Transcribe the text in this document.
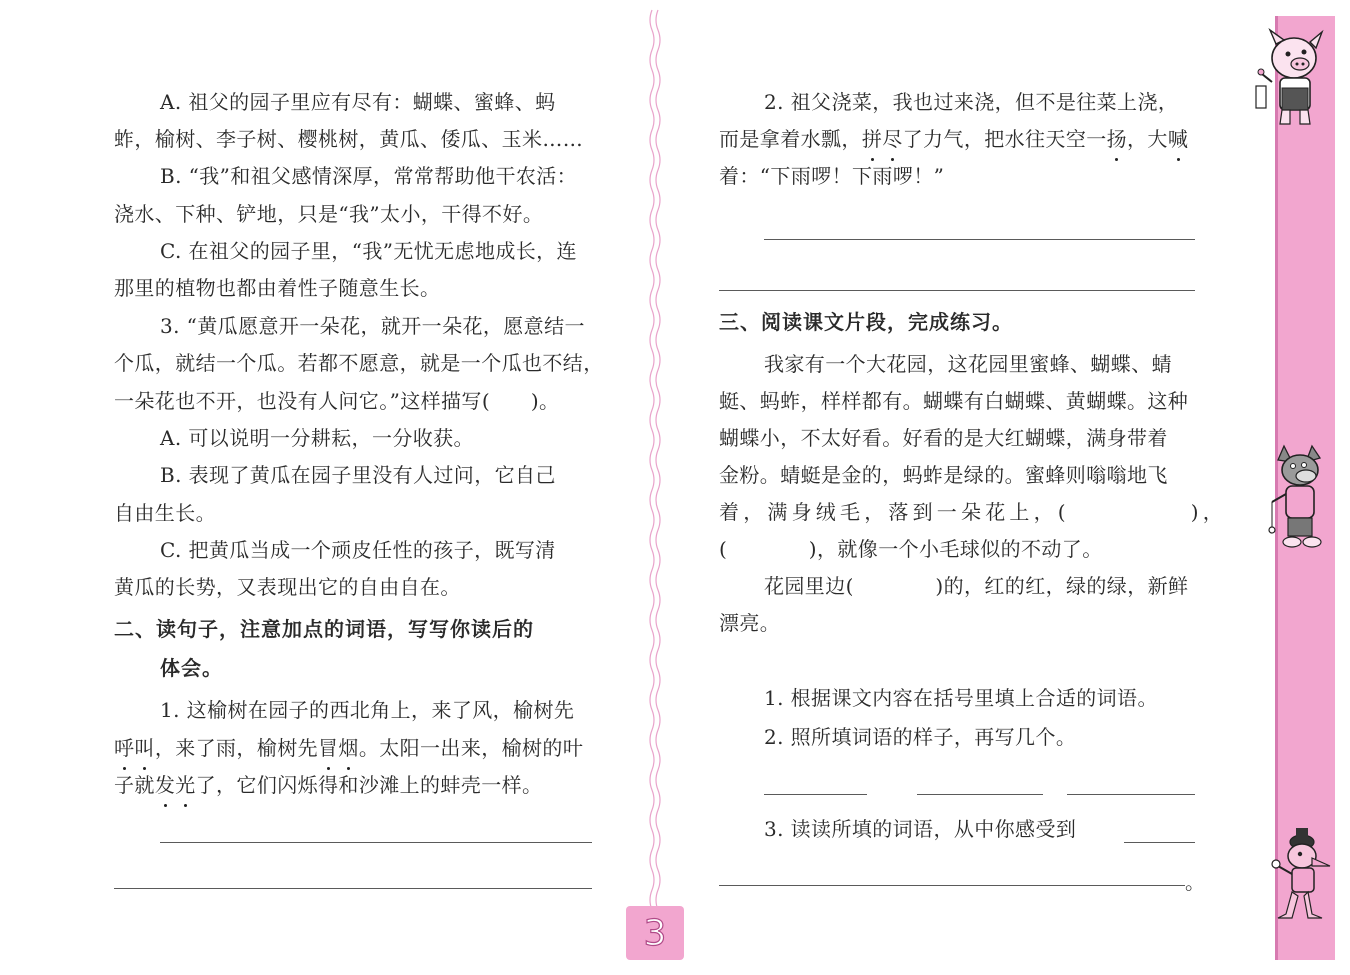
A. 祖父的园子里应有尽有：蝴蝶、蜜蜂、蚂
蚱，榆树、李子树、樱桃树，黄瓜、倭瓜、玉米……
B. “我”和祖父感情深厚，常常帮助他干农活：
浇水、下种、铲地，只是“我”太小，干得不好。
C. 在祖父的园子里，“我”无忧无虑地成长，连
那里的植物也都由着性子随意生长。
3. “黄瓜愿意开一朵花，就开一朵花，愿意结一
个瓜，就结一个瓜。若都不愿意，就是一个瓜也不结，
一朵花也不开，也没有人问它。”这样描写(　　)。
A. 可以说明一分耕耘，一分收获。
B. 表现了黄瓜在园子里没有人过问，它自己
自由生长。
C. 把黄瓜当成一个顽皮任性的孩子，既写清
黄瓜的长势，又表现出它的自由自在。
二、读句子，注意加点的词语，写写你读后的
体会。
1. 这榆树在园子的西北角上，来了风，榆树先
呼叫，来了雨，榆树先冒烟。太阳一出来，榆树的叶
子就发光了，它们闪烁得和沙滩上的蚌壳一样。
2. 祖父浇菜，我也过来浇，但不是往菜上浇，
而是拿着水瓢，拼尽了力气，把水往天空一扬，大喊
着：“下雨啰！下雨啰！”
三、阅读课文片段，完成练习。
我家有一个大花园，这花园里蜜蜂、蝴蝶、蜻
蜓、蚂蚱，样样都有。蝴蝶有白蝴蝶、黄蝴蝶。这种
蝴蝶小，不太好看。好看的是大红蝴蝶，满身带着
金粉。蜻蜓是金的，蚂蚱是绿的。蜜蜂则嗡嗡地飞
着，满身绒毛，落到一朵花上，(　　　　　)，
(　　　　)，就像一个小毛球似的不动了。
花园里边(　　　　)的，红的红，绿的绿，新鲜
漂亮。
1. 根据课文内容在括号里填上合适的词语。
2. 照所填词语的样子，再写几个。
3. 读读所填的词语，从中你感受到
。
3
